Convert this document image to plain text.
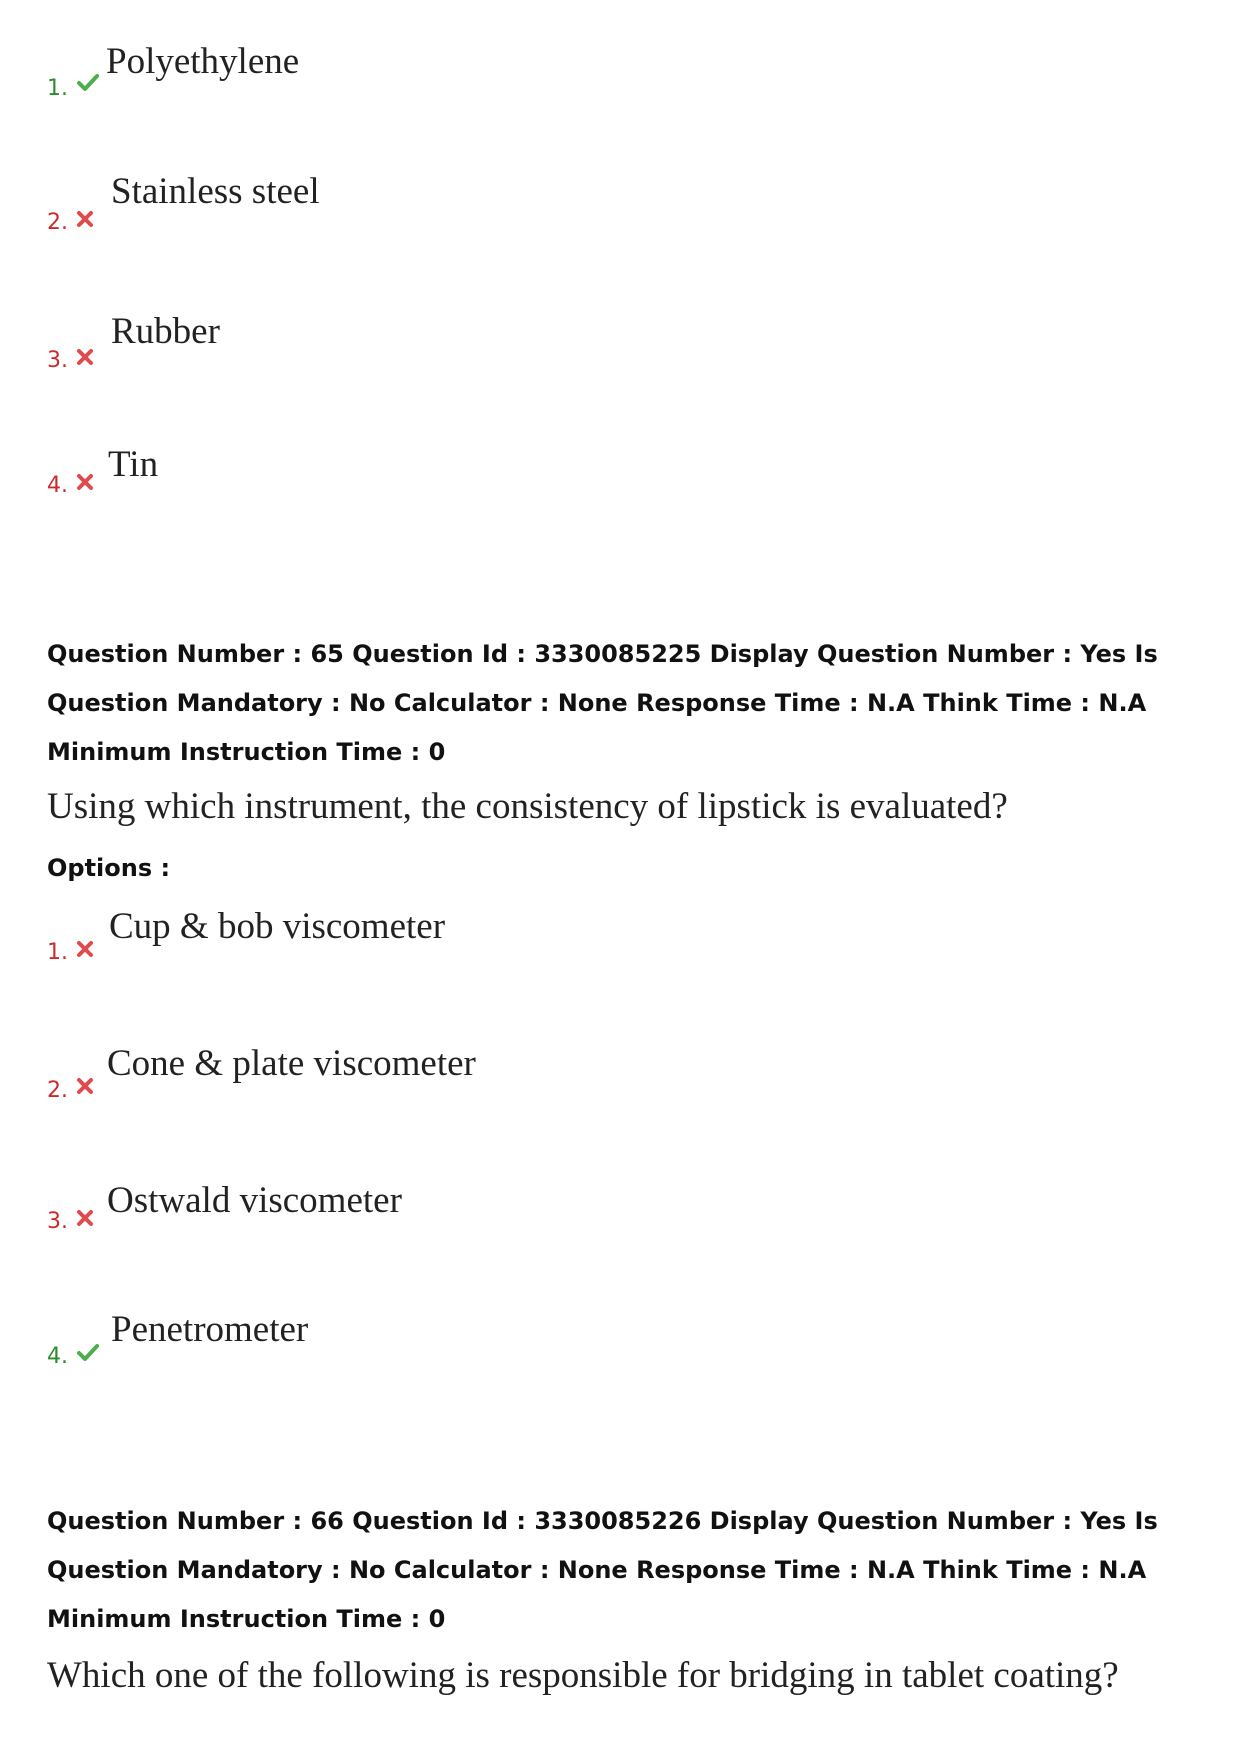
1.
Polyethylene
2.
Stainless steel
3.
Rubber
4.
Tin
Question Number : 65 Question Id : 3330085225 Display Question Number : Yes Is Question Mandatory : No Calculator : None Response Time : N.A Think Time : N.A Minimum Instruction Time : 0
Using which instrument, the consistency of lipstick is evaluated?
Options :
1.
Cup & bob viscometer
2.
Cone & plate viscometer
3.
Ostwald viscometer
4.
Penetrometer
Question Number : 66 Question Id : 3330085226 Display Question Number : Yes Is Question Mandatory : No Calculator : None Response Time : N.A Think Time : N.A Minimum Instruction Time : 0
Which one of the following is responsible for bridging in tablet coating?
